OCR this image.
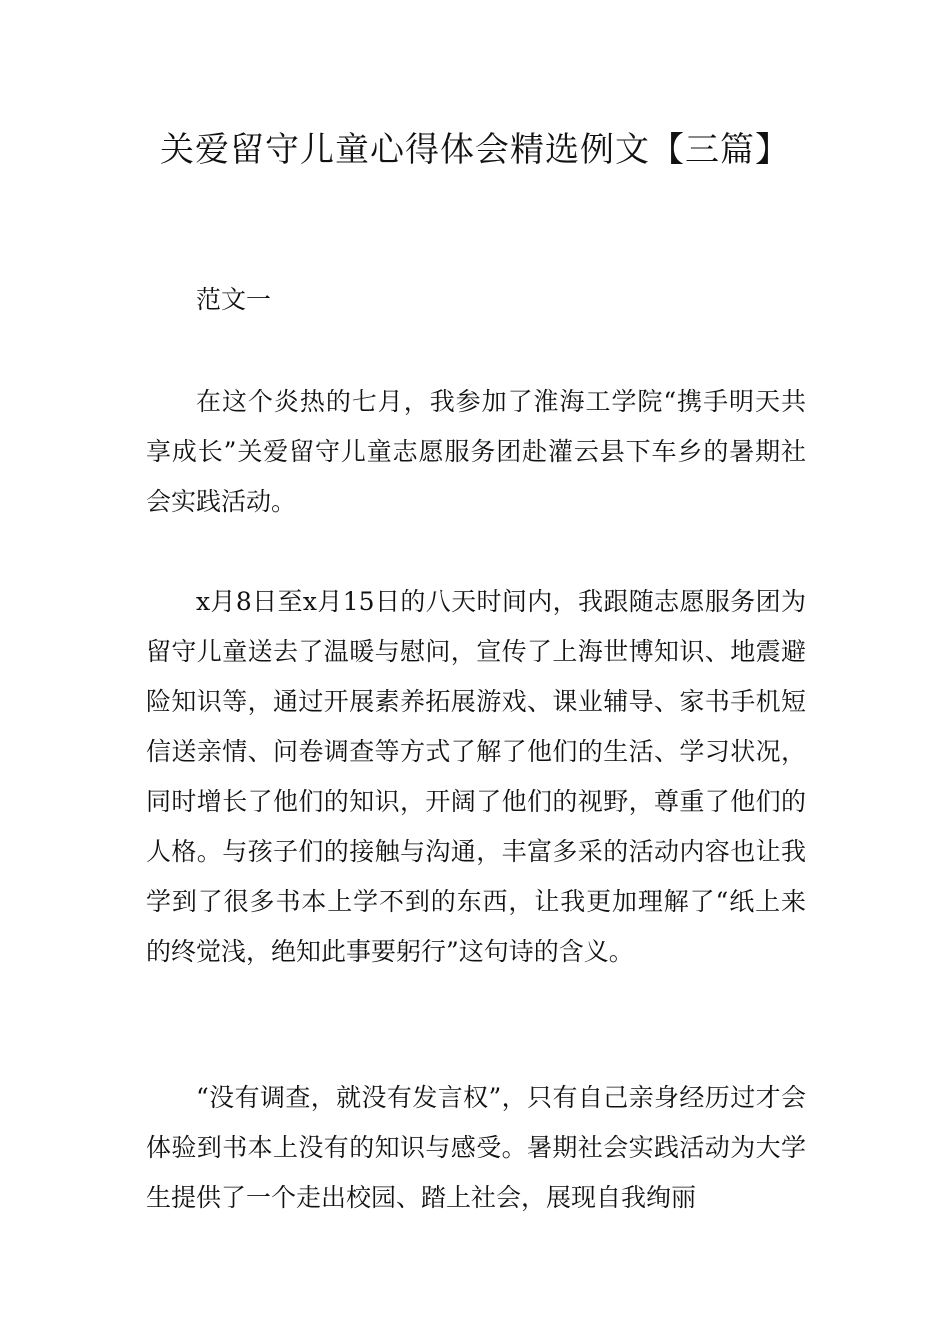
关爱留守儿童心得体会精选例文【三篇】

范文一

在这个炎热的七月，我参加了淮海工学院“携手明天共享成长”关爱留守儿童志愿服务团赴灌云县下车乡的暑期社会实践活动。

x月8日至x月15日的八天时间内，我跟随志愿服务团为留守儿童送去了温暖与慰问，宣传了上海世博知识、地震避险知识等，通过开展素养拓展游戏、课业辅导、家书手机短信送亲情、问卷调查等方式了解了他们的生活、学习状况，同时增长了他们的知识，开阔了他们的视野，尊重了他们的人格。与孩子们的接触与沟通，丰富多采的活动内容也让我学到了很多书本上学不到的东西，让我更加理解了“纸上来的终觉浅，绝知此事要躬行”这句诗的含义。

“没有调查，就没有发言权”，只有自己亲身经历过才会体验到书本上没有的知识与感受。暑期社会实践活动为大学生提供了一个走出校园、踏上社会，展现自我绚丽
